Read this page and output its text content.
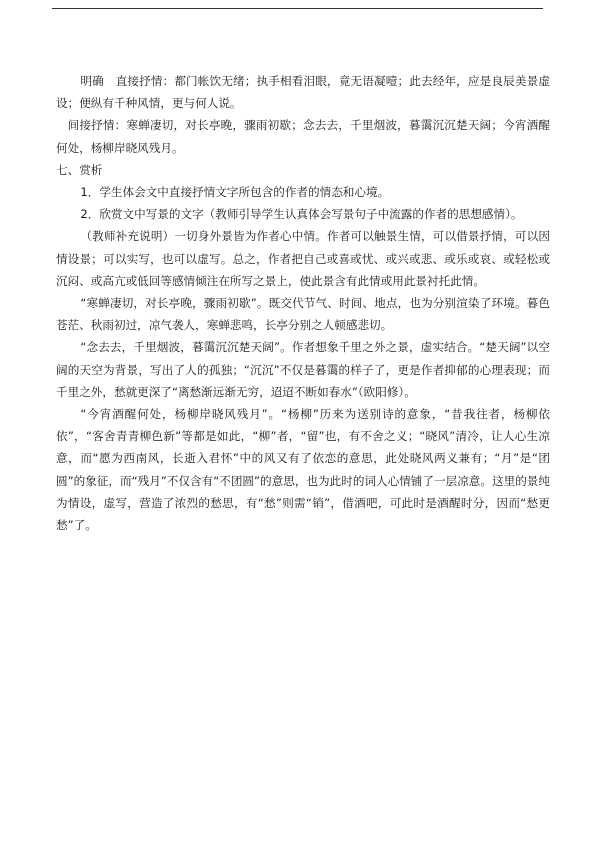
明确　直接抒情：都门帐饮无绪；执手相看泪眼，竟无语凝噎；此去经年，应是良辰美景虚设；便纵有千种风情，更与何人说。

间接抒情：寒蝉凄切，对长亭晚，骤雨初歇；念去去，千里烟波，暮霭沉沉楚天阔；今宵酒醒何处，杨柳岸晓风残月。

七、赏析

1．学生体会文中直接抒情文字所包含的作者的情态和心境。

2．欣赏文中写景的文字（教师引导学生认真体会写景句子中流露的作者的思想感情）。

（教师补充说明）一切身外景皆为作者心中情。作者可以触景生情，可以借景抒情，可以因情设景；可以实写，也可以虚写。总之，作者把自己或喜或忧、或兴或悲、或乐或哀、或轻松或沉闷、或高亢或低回等感情倾注在所写之景上，使此景含有此情或用此景衬托此情。

“寒蝉凄切，对长亭晚，骤雨初歇”。既交代节气、时间、地点，也为分别渲染了环境。暮色苍茫、秋雨初过，凉气袭人，寒蝉悲鸣，长亭分别之人顿感悲切。

“念去去，千里烟波，暮霭沉沉楚天阔”。作者想象千里之外之景，虚实结合。“楚天阔”以空阔的天空为背景，写出了人的孤独；“沉沉”不仅是暮霭的样子了，更是作者抑郁的心理表现；而千里之外，愁就更深了“离愁渐远渐无穷，迢迢不断如春水”（欧阳修）。

“今宵酒醒何处，杨柳岸晓风残月”。“杨柳”历来为送别诗的意象，“昔我往者，杨柳依依”，“客舍青青柳色新”等都是如此，“柳”者，“留”也，有不舍之义；“晓风”清冷，让人心生凉意，而“愿为西南风，长逝入君怀”中的风又有了依恋的意思，此处晓风两义兼有；“月”是“团圆”的象征，而“残月”不仅含有“不团圆”的意思，也为此时的词人心情铺了一层凉意。这里的景纯为情设，虚写，营造了浓烈的愁思，有“愁”则需“销”，借酒吧，可此时是酒醒时分，因而“愁更愁”了。
